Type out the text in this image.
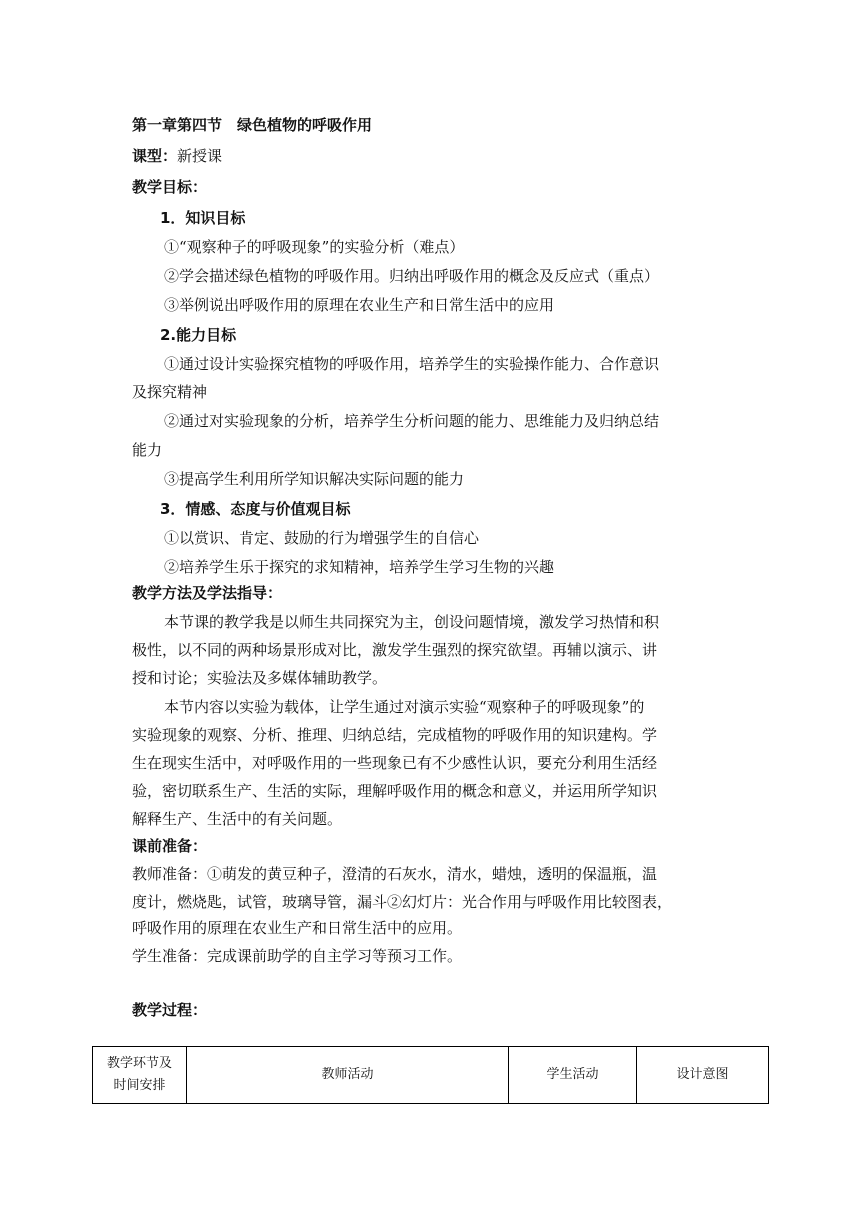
第一章第四节　绿色植物的呼吸作用
课型：新授课
教学目标：
1．知识目标
①“观察种子的呼吸现象”的实验分析（难点）
②学会描述绿色植物的呼吸作用。归纳出呼吸作用的概念及反应式（重点）
③举例说出呼吸作用的原理在农业生产和日常生活中的应用
2.能力目标
①通过设计实验探究植物的呼吸作用，培养学生的实验操作能力、合作意识
及探究精神
②通过对实验现象的分析，培养学生分析问题的能力、思维能力及归纳总结
能力
③提高学生利用所学知识解决实际问题的能力
3．情感、态度与价值观目标
①以赏识、肯定、鼓励的行为增强学生的自信心
②培养学生乐于探究的求知精神，培养学生学习生物的兴趣
教学方法及学法指导：
本节课的教学我是以师生共同探究为主，创设问题情境，激发学习热情和积
极性，以不同的两种场景形成对比，激发学生强烈的探究欲望。再辅以演示、讲
授和讨论；实验法及多媒体辅助教学。
本节内容以实验为载体，让学生通过对演示实验“观察种子的呼吸现象”的
实验现象的观察、分析、推理、归纳总结，完成植物的呼吸作用的知识建构。学
生在现实生活中，对呼吸作用的一些现象已有不少感性认识，要充分利用生活经
验，密切联系生产、生活的实际，理解呼吸作用的概念和意义，并运用所学知识
解释生产、生活中的有关问题。
课前准备：
教师准备：①萌发的黄豆种子，澄清的石灰水，清水，蜡烛，透明的保温瓶，温
度计，燃烧匙，试管，玻璃导管，漏斗②幻灯片：光合作用与呼吸作用比较图表，
呼吸作用的原理在农业生产和日常生活中的应用。
学生准备：完成课前助学的自主学习等预习工作。
教学过程：
教学环节及
时间安排	教师活动	学生活动	设计意图
